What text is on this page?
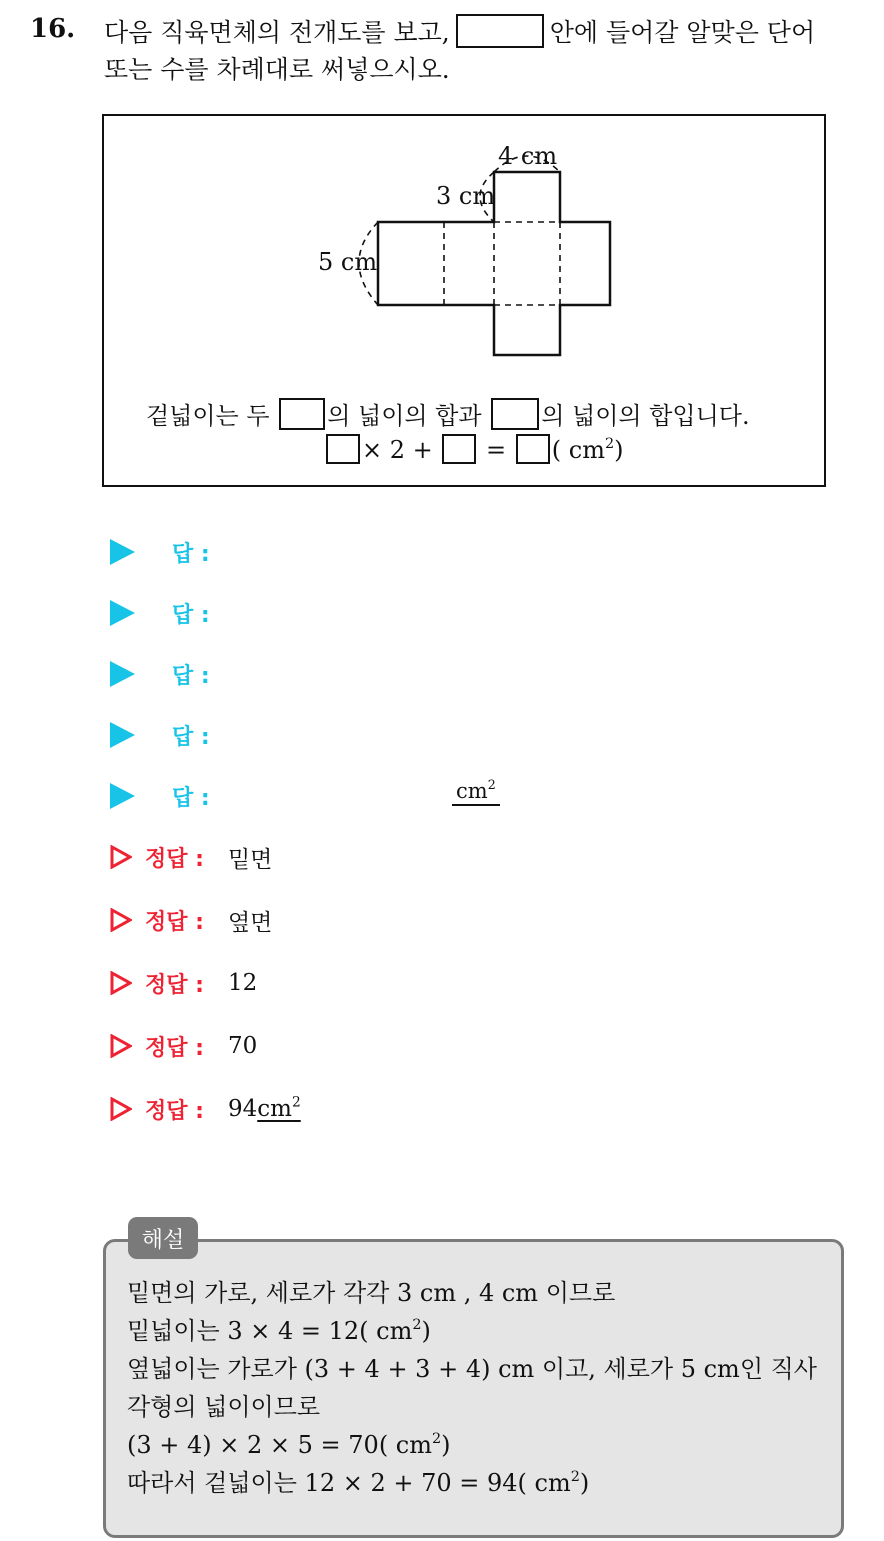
16. 다음 직육면체의 전개도를 보고,	안에 들어갈 알맞은 단어
또는 수를 차례대로 써넣으시오.
4 cm
3 cm
5 cm
겉넓이는 두 의 넓이의 합과 의 넓이의 합입니다.
× 2 + = ( $cm^2$)
답 :
답 :
답 :
답 :
답 :	$cm^2$
정답 : 밑면
정답 : 옆면
정답 : 12
정답 : 70
정답 : $94cm^2$
해설
밑면의 가로, 세로가 각각 3 cm , 4 cm 이므로
밑넓이는 3 × 4 = 12( $cm^2$)
옆넓이는 가로가 (3 + 4 + 3 + 4) cm 이고, 세로가 5 cm인 직사
각형의 넓이이므로
(3 + 4) × 2 × 5 = 70( $cm^2$)
따라서 겉넓이는 12 × 2 + 70 = 94( $cm^2$)
